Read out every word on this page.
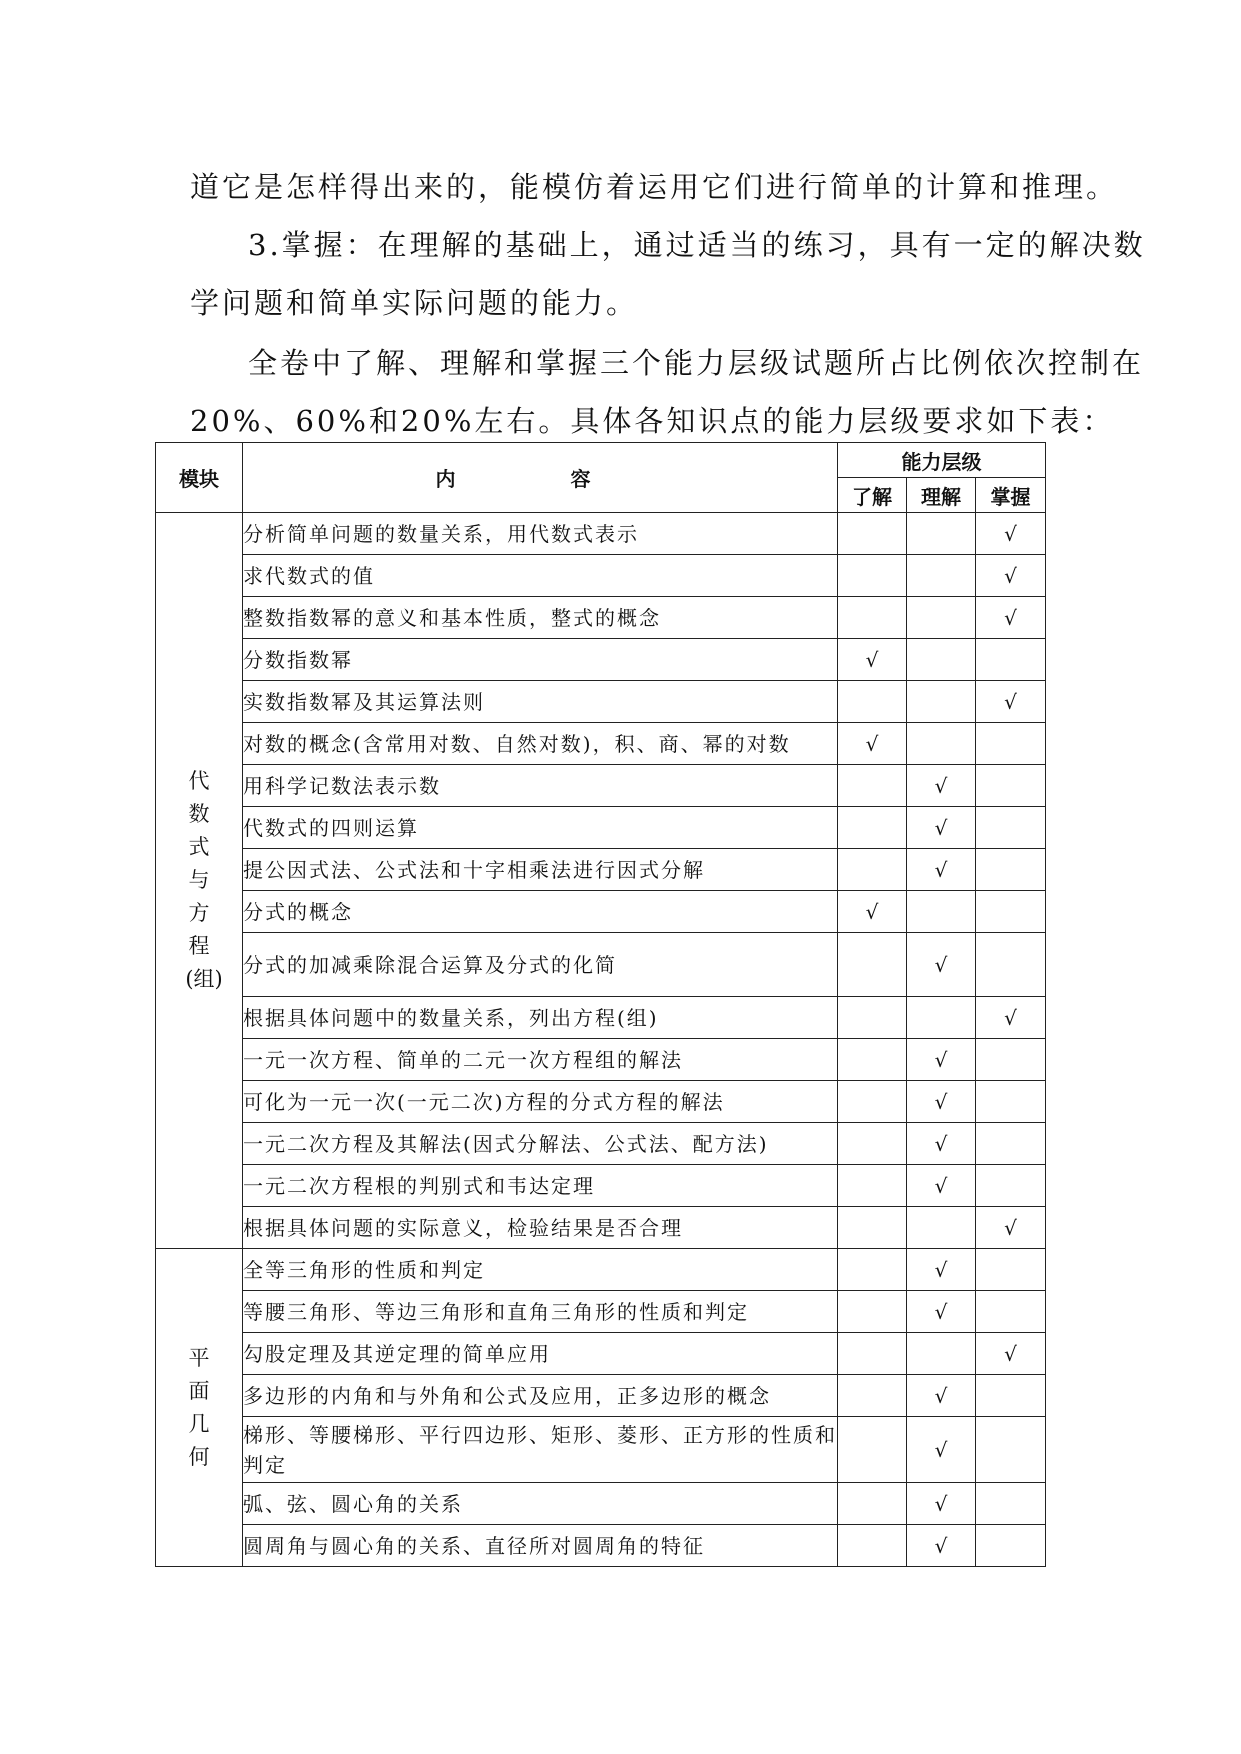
道它是怎样得出来的，能模仿着运用它们进行简单的计算和推理。
3.掌握：在理解的基础上，通过适当的练习，具有一定的解决数
学问题和简单实际问题的能力。
全卷中了解、理解和掌握三个能力层级试题所占比例依次控制在
20%、60%和20%左右。具体各知识点的能力层级要求如下表：
模块	内 容	能力层级		
		了解	理解	掌握
代数式与方程(组)	分析简单问题的数量关系，用代数式表示			√
	求代数式的值			√
	整数指数幂的意义和基本性质，整式的概念			√
	分数指数幂	√		
	实数指数幂及其运算法则			√
	对数的概念(含常用对数、自然对数)，积、商、幂的对数	√		
	用科学记数法表示数		√	
	代数式的四则运算		√	
	提公因式法、公式法和十字相乘法进行因式分解		√	
	分式的概念	√		
	分式的加减乘除混合运算及分式的化简		√	
	根据具体问题中的数量关系，列出方程(组)			√
	一元一次方程、简单的二元一次方程组的解法		√	
	可化为一元一次(一元二次)方程的分式方程的解法		√	
	一元二次方程及其解法(因式分解法、公式法、配方法)		√	
	一元二次方程根的判别式和韦达定理		√	
	根据具体问题的实际意义，检验结果是否合理			√
平面几何	全等三角形的性质和判定		√	
	等腰三角形、等边三角形和直角三角形的性质和判定		√	
	勾股定理及其逆定理的简单应用			√
	多边形的内角和与外角和公式及应用，正多边形的概念		√	
	梯形、等腰梯形、平行四边形、矩形、菱形、正方形的性质和判定		√	
	弧、弦、圆心角的关系		√	
	圆周角与圆心角的关系、直径所对圆周角的特征		√	
